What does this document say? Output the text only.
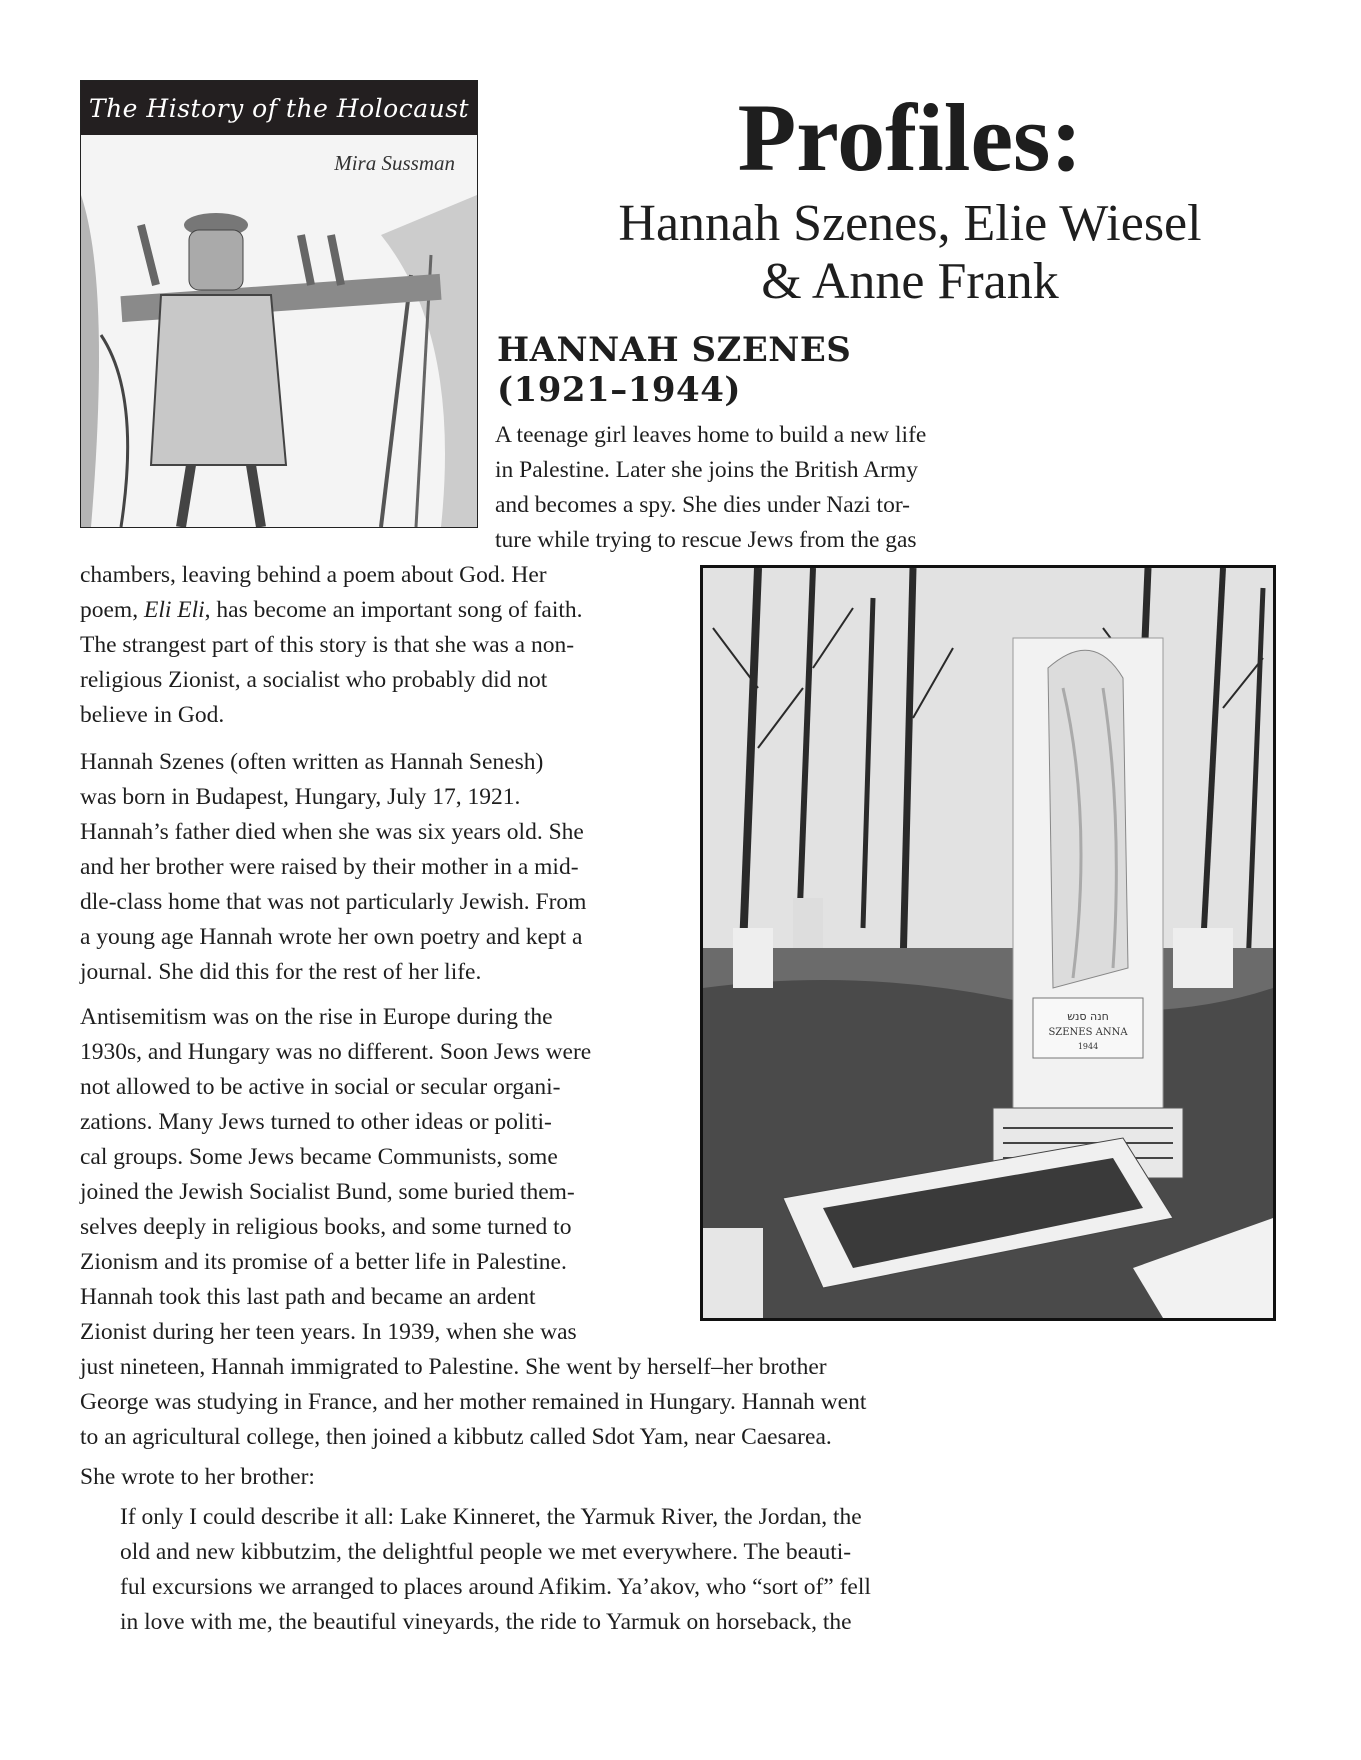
The History of the Holocaust
Mira Sussman	Profiles:
Hannah Szenes, Elie Wiesel
& Anne Frank
HANNAH SZENES
(1921–1944)
A teenage girl leaves home to build a new life
in Palestine. Later she joins the British Army
and becomes a spy. She dies under Nazi tor-
ture while trying to rescue Jews from the gas
chambers, leaving behind a poem about God. Her
poem, Eli Eli, has become an important song of faith.
The strangest part of this story is that she was a non-
religious Zionist, a socialist who probably did not
believe in God.
Hannah Szenes (often written as Hannah Senesh)
was born in Budapest, Hungary, July 17, 1921.
Hannah’s father died when she was six years old. She
and her brother were raised by their mother in a mid-
dle-class home that was not particularly Jewish. From
a young age Hannah wrote her own poetry and kept a
journal. She did this for the rest of her life.
Antisemitism was on the rise in Europe during the
1930s, and Hungary was no different. Soon Jews were
not allowed to be active in social or secular organi-
zations. Many Jews turned to other ideas or politi-
cal groups. Some Jews became Communists, some
joined the Jewish Socialist Bund, some buried them-
selves deeply in religious books, and some turned to
Zionism and its promise of a better life in Palestine.
Hannah took this last path and became an ardent
Zionist during her teen years. In 1939, when she was
just nineteen, Hannah immigrated to Palestine. She went by herself–her brother
George was studying in France, and her mother remained in Hungary. Hannah went
to an agricultural college, then joined a kibbutz called Sdot Yam, near Caesarea.
She wrote to her brother:
If only I could describe it all: Lake Kinneret, the Yarmuk River, the Jordan, the
old and new kibbutzim, the delightful people we met everywhere. The beauti-
ful excursions we arranged to places around Afikim. Ya’akov, who “sort of” fell
in love with me, the beautiful vineyards, the ride to Yarmuk on horseback, the
חנה סנש
SZENES ANNA
1944
